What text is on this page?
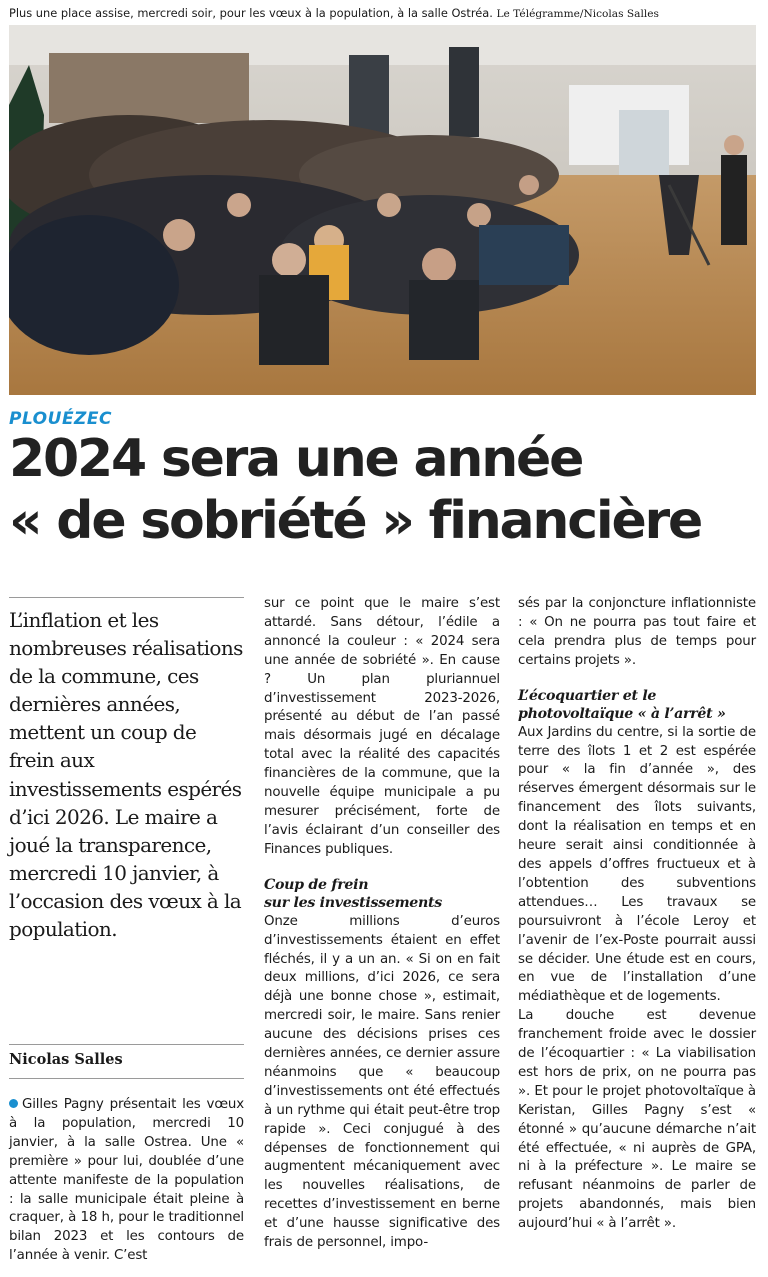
Plus une place assise, mercredi soir, pour les vœux à la population, à la salle Ostréa. Le Télégramme/Nicolas Salles
PLOUÉZEC
2024 sera une année
« de sobriété » financière

L’inflation et les nombreuses réalisations de la commune, ces dernières années, mettent un coup de frein aux investissements espérés d’ici 2026. Le maire a joué la transparence, mercredi 10 janvier, à l’occasion des vœux à la population.

Nicolas Salles

Gilles Pagny présentait les vœux à la population, mercredi 10 janvier, à la salle Ostrea. Une « première » pour lui, doublée d’une attente manifeste de la population : la salle municipale était pleine à craquer, à 18 h, pour le traditionnel bilan 2023 et les contours de l’année à venir. C’est

sur ce point que le maire s’est attardé. Sans détour, l’édile a annoncé la couleur : « 2024 sera une année de sobriété ». En cause ? Un plan pluriannuel d’investissement 2023-2026, présenté au début de l’an passé mais désormais jugé en décalage total avec la réalité des capacités financières de la commune, que la nouvelle équipe municipale a pu mesurer précisément, forte de l’avis éclairant d’un conseiller des Finances publiques.

Coup de frein
sur les investissements

Onze millions d’euros d’investissements étaient en effet fléchés, il y a un an. « Si on en fait deux millions, d’ici 2026, ce sera déjà une bonne chose », estimait, mercredi soir, le maire. Sans renier aucune des décisions prises ces dernières années, ce dernier assure néanmoins que « beaucoup d’investissements ont été effectués à un rythme qui était peut-être trop rapide ». Ceci conjugué à des dépenses de fonctionnement qui augmentent mécaniquement avec les nouvelles réalisations, de recettes d’investissement en berne et d’une hausse significative des frais de personnel, impo-

sés par la conjoncture inflationniste : « On ne pourra pas tout faire et cela prendra plus de temps pour certains projets ».

L’écoquartier et le
photovoltaïque « à l’arrêt »

Aux Jardins du centre, si la sortie de terre des îlots 1 et 2 est espérée pour « la fin d’année », des réserves émergent désormais sur le financement des îlots suivants, dont la réalisation en temps et en heure serait ainsi conditionnée à des appels d’offres fructueux et à l’obtention des subventions attendues… Les travaux se poursuivront à l’école Leroy et l’avenir de l’ex-Poste pourrait aussi se décider. Une étude est en cours, en vue de l’installation d’une médiathèque et de logements.

La douche est devenue franchement froide avec le dossier de l’écoquartier : « La viabilisation est hors de prix, on ne pourra pas ». Et pour le projet photovoltaïque à Keristan, Gilles Pagny s’est « étonné » qu’aucune démarche n’ait été effectuée, « ni auprès de GPA, ni à la préfecture ». Le maire se refusant néanmoins de parler de projets abandonnés, mais bien aujourd’hui « à l’arrêt ».
